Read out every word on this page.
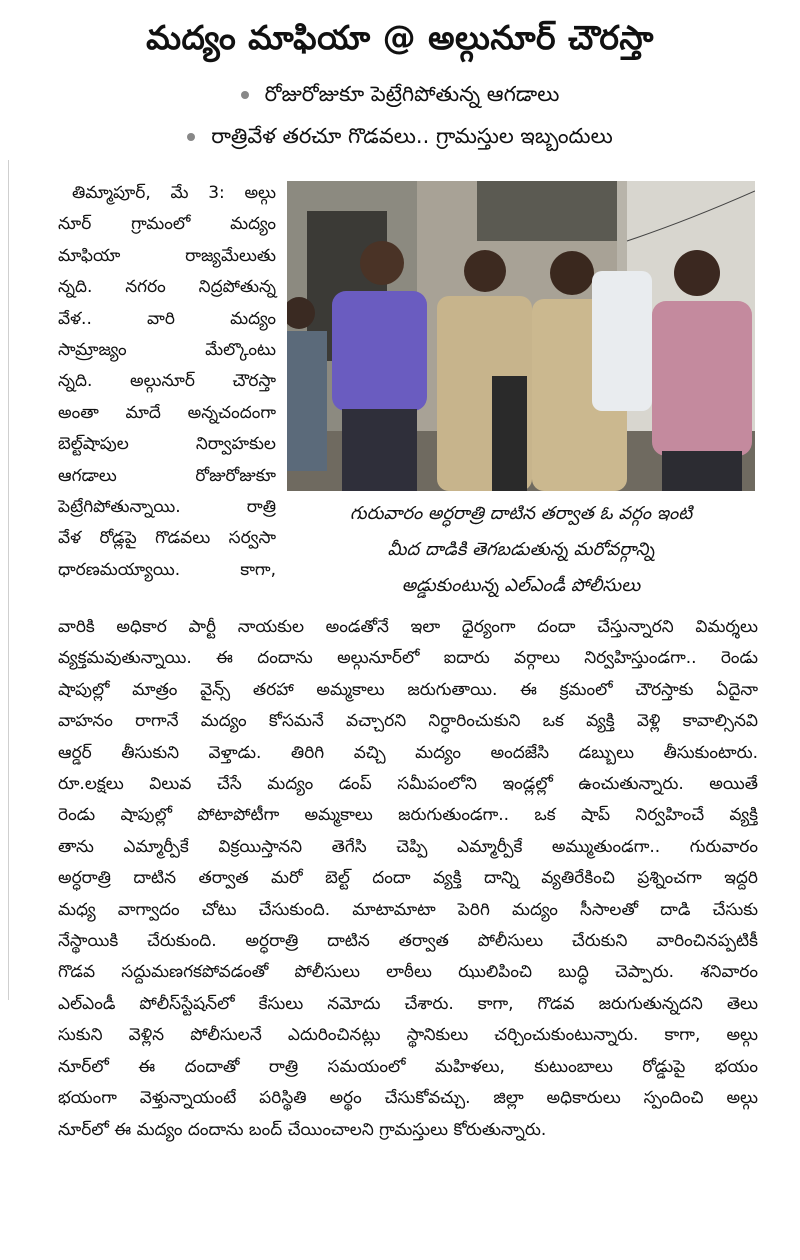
మద్యం మాఫియా @ అల్గునూర్ చౌరస్తా
రోజురోజుకూ పెట్రేగిపోతున్న ఆగడాలు
రాత్రివేళ తరచూ గొడవలు.. గ్రామస్తుల ఇబ్బందులు
తిమ్మాపూర్, మే 3: అల్గు
నూర్ గ్రామంలో మద్యం
మాఫియా రాజ్యమేలుతు
న్నది. నగరం నిద్రపోతున్న
వేళ.. వారి మద్యం
సామ్రాజ్యం మేల్కొంటు
న్నది. అల్గునూర్ చౌరస్తా
అంతా మాదే అన్నచందంగా
బెల్ట్‌షాపుల నిర్వాహకుల
ఆగడాలు రోజురోజుకూ
పెట్రేగిపోతున్నాయి. రాత్రి
వేళ రోడ్లపై గొడవలు సర్వసా
ధారణమయ్యాయి. కాగా,
గురువారం అర్ధరాత్రి దాటిన తర్వాత ఓ వర్గం ఇంటి
మీద దాడికి తెగబడుతున్న మరోవర్గాన్ని
అడ్డుకుంటున్న ఎల్‌ఎండీ పోలీసులు
వారికి అధికార పార్టీ నాయకుల అండతోనే ఇలా ధైర్యంగా దందా చేస్తున్నారని విమర్శలు
వ్యక్తమవుతున్నాయి. ఈ దందాను అల్గునూర్‌లో ఐదారు వర్గాలు నిర్వహిస్తుండగా.. రెండు
షాపుల్లో మాత్రం వైన్స్ తరహా అమ్మకాలు జరుగుతాయి. ఈ క్రమంలో చౌరస్తాకు ఏదైనా
వాహనం రాగానే మద్యం కోసమనే వచ్చారని నిర్ధారించుకుని ఒక వ్యక్తి వెళ్లి కావాల్సినవి
ఆర్డర్ తీసుకుని వెళ్తాడు. తిరిగి వచ్చి మద్యం అందజేసి డబ్బులు తీసుకుంటారు.
రూ.లక్షలు విలువ చేసే మద్యం డంప్ సమీపంలోని ఇండ్లల్లో ఉంచుతున్నారు. అయితే
రెండు షాపుల్లో పోటాపోటీగా అమ్మకాలు జరుగుతుండగా.. ఒక షాప్ నిర్వహించే వ్యక్తి
తాను ఎమ్మార్పీకే విక్రయిస్తానని తెగేసి చెప్పి ఎమ్మార్పీకే అమ్ముతుండగా.. గురువారం
అర్ధరాత్రి దాటిన తర్వాత మరో బెల్ట్ దందా వ్యక్తి దాన్ని వ్యతిరేకించి ప్రశ్నించగా ఇద్దరి
మధ్య వాగ్వాదం చోటు చేసుకుంది. మాటామాటా పెరిగి మద్యం సీసాలతో దాడి చేసుకు
నేస్థాయికి చేరుకుంది. అర్ధరాత్రి దాటిన తర్వాత పోలీసులు చేరుకుని వారించినప్పటికీ
గొడవ సద్దుమణగకపోవడంతో పోలీసులు లాఠీలు ఝులిపించి బుద్ధి చెప్పారు. శనివారం
ఎల్‌ఎండీ పోలీస్‌స్టేషన్‌లో కేసులు నమోదు చేశారు. కాగా, గొడవ జరుగుతున్నదని తెలు
సుకుని వెళ్లిన పోలీసులనే ఎదురించినట్లు స్థానికులు చర్చించుకుంటున్నారు. కాగా, అల్గు
నూర్‌లో ఈ దందాతో రాత్రి సమయంలో మహిళలు, కుటుంబాలు రోడ్డుపై భయం
భయంగా వెళ్తున్నాయంటే పరిస్థితి అర్థం చేసుకోవచ్చు. జిల్లా అధికారులు స్పందించి అల్గు
నూర్‌లో ఈ మద్యం దందాను బంద్ చేయించాలని గ్రామస్తులు కోరుతున్నారు.
